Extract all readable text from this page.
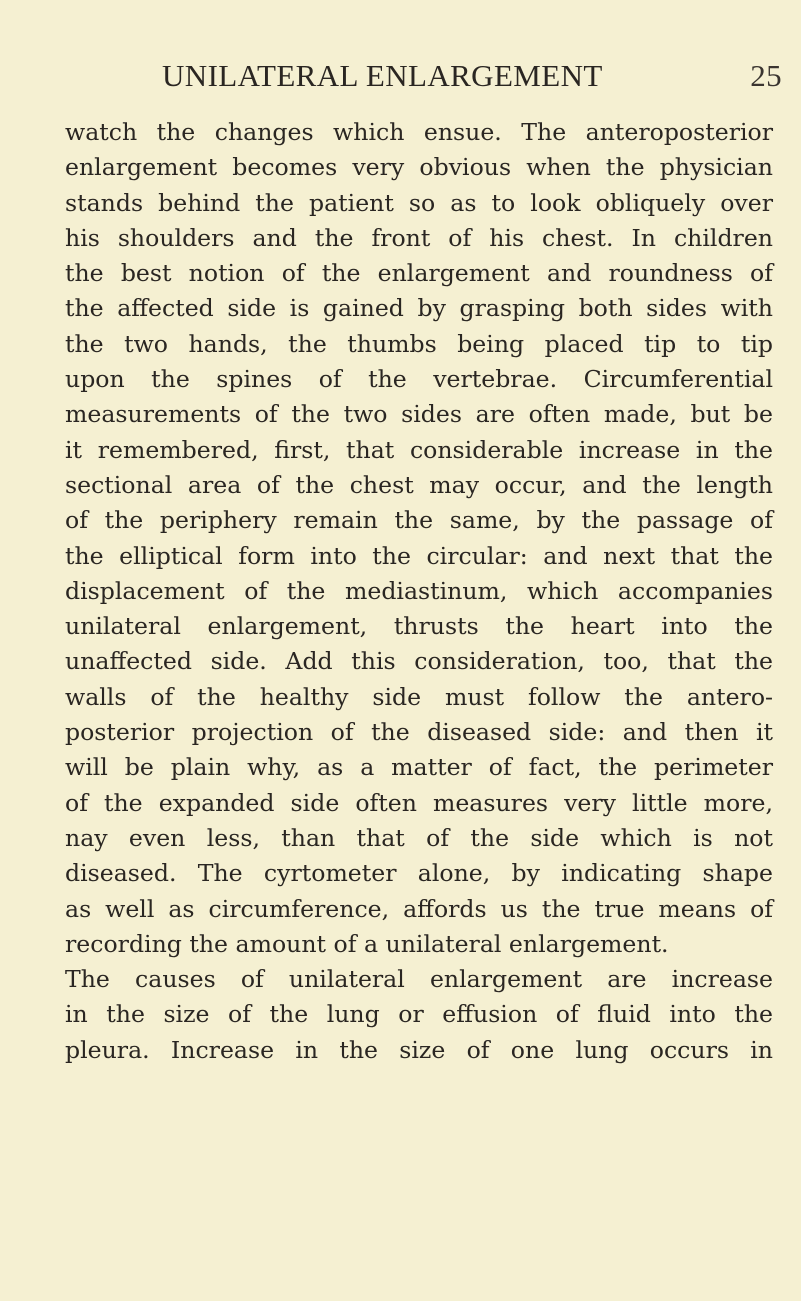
UNILATERAL ENLARGEMENT	25
watch the changes which ensue. The anteroposterior
enlargement becomes very obvious when the physician
stands behind the patient so as to look obliquely over
his shoulders and the front of his chest. In children
the best notion of the enlargement and roundness of
the affected side is gained by grasping both sides with
the two hands, the thumbs being placed tip to tip
upon the spines of the vertebrae. Circumferential
measurements of the two sides are often made, but be
it remembered, first, that considerable increase in the
sectional area of the chest may occur, and the length
of the periphery remain the same, by the passage of
the elliptical form into the circular: and next that the
displacement of the mediastinum, which accompanies
unilateral enlargement, thrusts the heart into the
unaffected side. Add this consideration, too, that the
walls of the healthy side must follow the antero-
posterior projection of the diseased side: and then it
will be plain why, as a matter of fact, the perimeter
of the expanded side often measures very little more,
nay even less, than that of the side which is not
diseased. The cyrtometer alone, by indicating shape
as well as circumference, affords us the true means of
recording the amount of a unilateral enlargement.
The causes of unilateral enlargement are increase
in the size of the lung or effusion of fluid into the
pleura. Increase in the size of one lung occurs in
